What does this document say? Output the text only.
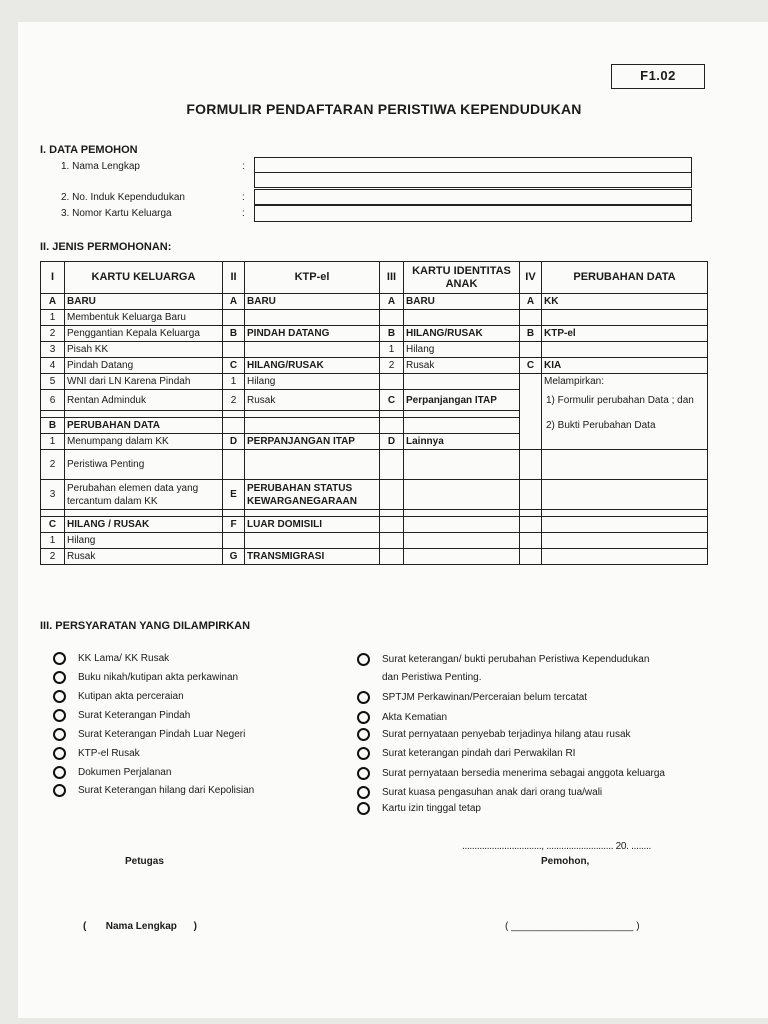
F1.02
FORMULIR PENDAFTARAN PERISTIWA KEPENDUDUKAN
I. DATA PEMOHON
1. Nama Lengkap	:
2. No. Induk Kependudukan	:
3. Nomor Kartu Keluarga	:
II. JENIS PERMOHONAN:
I	KARTU KELUARGA	II	KTP-el	III	KARTU IDENTITAS ANAK	IV	PERUBAHAN DATA
A	BARU	A	BARU	A	BARU	A	KK
1	Membentuk Keluarga Baru						
2	Penggantian Kepala Keluarga	B	PINDAH DATANG	B	HILANG/RUSAK	B	KTP-el
3	Pisah KK			1	Hilang		
4	Pindah Datang	C	HILANG/RUSAK	2	Rusak	C	KIA
5	WNI dari LN Karena Pindah	1	Hilang				Melampirkan:
6	Rentan Adminduk	2	Rusak	C	Perpanjangan ITAP		1) Formulir perubahan Data ; dan

B	PERUBAHAN DATA						2) Bukti Perubahan Data
1	Menumpang dalam KK	D	PERPANJANGAN ITAP	D	Lainnya		
2	Peristiwa Penting						
3	Perubahan elemen data yang tercantum dalam KK	E	PERUBAHAN STATUS KEWARGANEGARAAN				

C	HILANG / RUSAK	F	LUAR DOMISILI				
1	Hilang						
2	Rusak	G	TRANSMIGRASI				
III. PERSYARATAN YANG DILAMPIRKAN
KK Lama/ KK Rusak
Buku nikah/kutipan akta perkawinan
Kutipan akta perceraian
Surat Keterangan Pindah
Surat Keterangan Pindah Luar Negeri
KTP-el Rusak
Dokumen Perjalanan
Surat Keterangan hilang dari Kepolisian
Surat keterangan/ bukti perubahan Peristiwa Kependudukan
dan Peristiwa Penting.
SPTJM Perkawinan/Perceraian belum tercatat
Akta Kematian
Surat pernyataan penyebab terjadinya hilang atau rusak
Surat keterangan pindah dari Perwakilan RI
Surat pernyataan bersedia menerima sebagai anggota keluarga
Surat kuasa pengasuhan anak dari orang tua/wali
Kartu izin tinggal tetap
................................, ........................... 20. ........
Petugas	Pemohon,
(       Nama Lengkap      )	( ______________________ )
